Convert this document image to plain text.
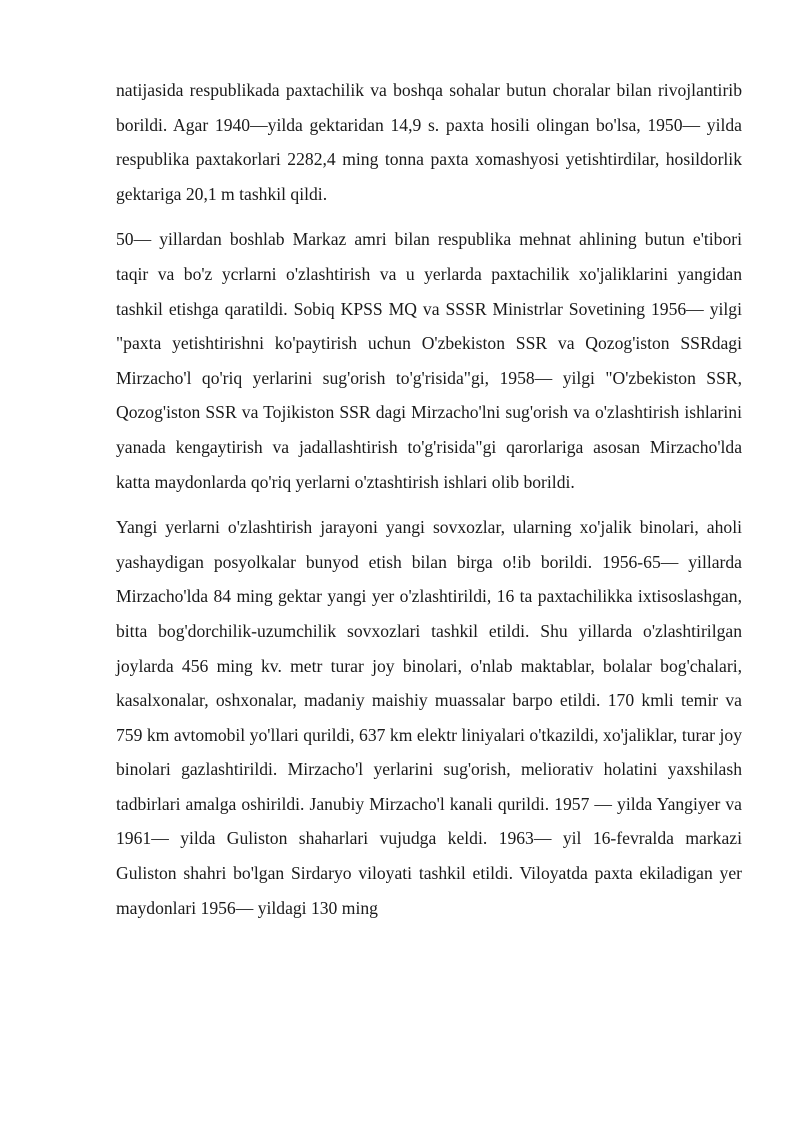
natijasida respublikada paxtachilik va boshqa sohalar butun choralar bilan rivojlantirib borildi. Agar 1940—yilda gektaridan 14,9 s. paxta hosili olingan bo'lsa, 1950— yilda respublika paxtakorlari 2282,4 ming tonna paxta xomashyosi yetishtirdilar, hosildorlik gektariga 20,1 m tashkil qildi.

50— yillardan boshlab Markaz amri bilan respublika mehnat ahlining butun e'tibori taqir va bo'z ycrlarni o'zlashtirish va u yerlarda paxtachilik xo'jaliklarini yangidan tashkil etishga qaratildi. Sobiq KPSS MQ va SSSR Ministrlar Sovetining 1956— yilgi "paxta yetishtirishni ko'paytirish uchun O'zbekiston SSR va Qozog'iston SSRdagi Mirzacho'l qo'riq yerlarini sug'orish to'g'risida"gi, 1958— yilgi "O'zbekiston SSR, Qozog'iston SSR va Tojikiston SSR dagi Mirzacho'lni sug'orish va o'zlashtirish ishlarini yanada kengaytirish va jadallashtirish to'g'risida"gi qarorlariga asosan Mirzacho'lda katta maydonlarda qo'riq yerlarni o'ztashtirish ishlari olib borildi.

Yangi yerlarni o'zlashtirish jarayoni yangi sovxozlar, ularning xo'jalik binolari, aholi yashaydigan posyolkalar bunyod etish bilan birga o!ib borildi. 1956-65— yillarda Mirzacho'lda 84 ming gektar yangi yer o'zlashtirildi, 16 ta paxtachilikka ixtisoslashgan, bitta bog'dorchilik-uzumchilik sovxozlari tashkil etildi. Shu yillarda o'zlashtirilgan joylarda 456 ming kv. metr turar joy binolari, o'nlab maktablar, bolalar bog'chalari, kasalxonalar, oshxonalar, madaniy maishiy muassalar barpo etildi. 170 kmli temir va 759 km avtomobil yo'llari qurildi, 637 km elektr liniyalari o'tkazildi, xo'jaliklar, turar joy binolari gazlashtirildi. Mirzacho'l yerlarini sug'orish, meliorativ holatini yaxshilash tadbirlari amalga oshirildi. Janubiy Mirzacho'l kanali qurildi. 1957 — yilda Yangiyer va 1961— yilda Guliston shaharlari vujudga keldi. 1963— yil 16-fevralda markazi Guliston shahri bo'lgan Sirdaryo viloyati tashkil etildi. Viloyatda paxta ekiladigan yer maydonlari 1956— yildagi 130 ming
